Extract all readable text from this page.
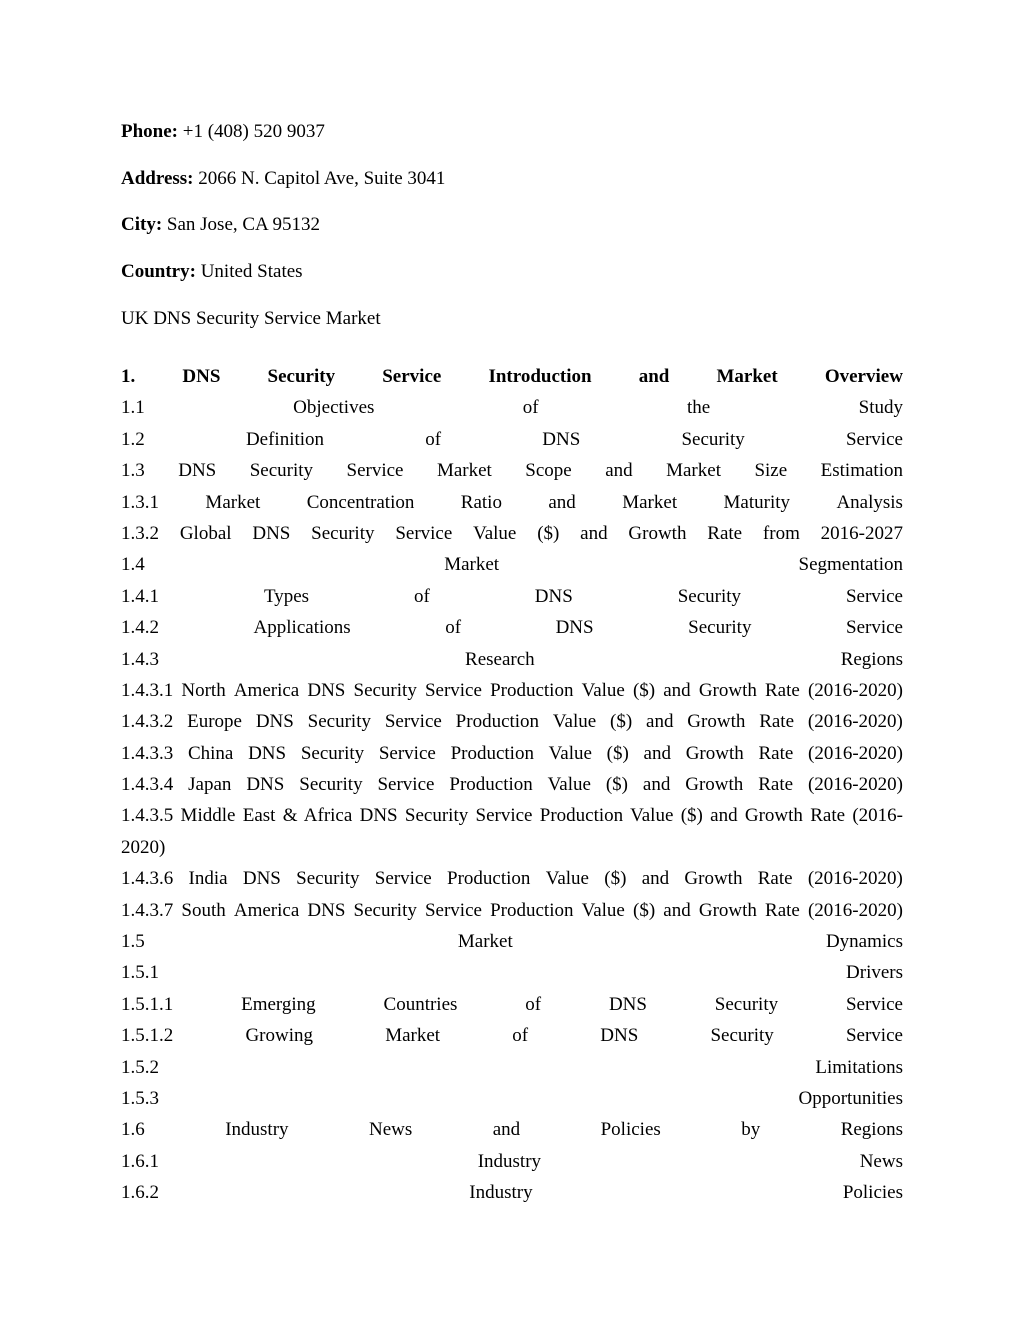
Phone: +1 (408) 520 9037
Address: 2066 N. Capitol Ave, Suite 3041
City: San Jose, CA 95132
Country: United States
UK DNS Security Service Market
1. DNS Security Service Introduction and Market Overview
1.1	Objectives	of	the	Study
1.2	Definition	of	DNS	Security	Service
1.3 DNS Security Service Market Scope and Market Size Estimation
1.3.1 Market Concentration Ratio and Market Maturity Analysis
1.3.2 Global DNS Security Service Value ($) and Growth Rate from 2016-2027
1.4	Market	Segmentation
1.4.1	Types	of	DNS	Security	Service
1.4.2	Applications	of	DNS	Security	Service
1.4.3	Research	Regions
1.4.3.1 North America DNS Security Service Production Value ($) and Growth Rate (2016-2020)
1.4.3.2 Europe DNS Security Service Production Value ($) and Growth Rate (2016-2020)
1.4.3.3 China DNS Security Service Production Value ($) and Growth Rate (2016-2020)
1.4.3.4 Japan DNS Security Service Production Value ($) and Growth Rate (2016-2020)
1.4.3.5 Middle East & Africa DNS Security Service Production Value ($) and Growth Rate (2016-2020)
1.4.3.6 India DNS Security Service Production Value ($) and Growth Rate (2016-2020)
1.4.3.7 South America DNS Security Service Production Value ($) and Growth Rate (2016-2020)
1.5	Market	Dynamics
1.5.1	Drivers
1.5.1.1	Emerging	Countries	of	DNS	Security	Service
1.5.1.2	Growing	Market	of	DNS	Security	Service
1.5.2	Limitations
1.5.3	Opportunities
1.6	Industry	News	and	Policies	by	Regions
1.6.1	Industry	News
1.6.2	Industry	Policies
